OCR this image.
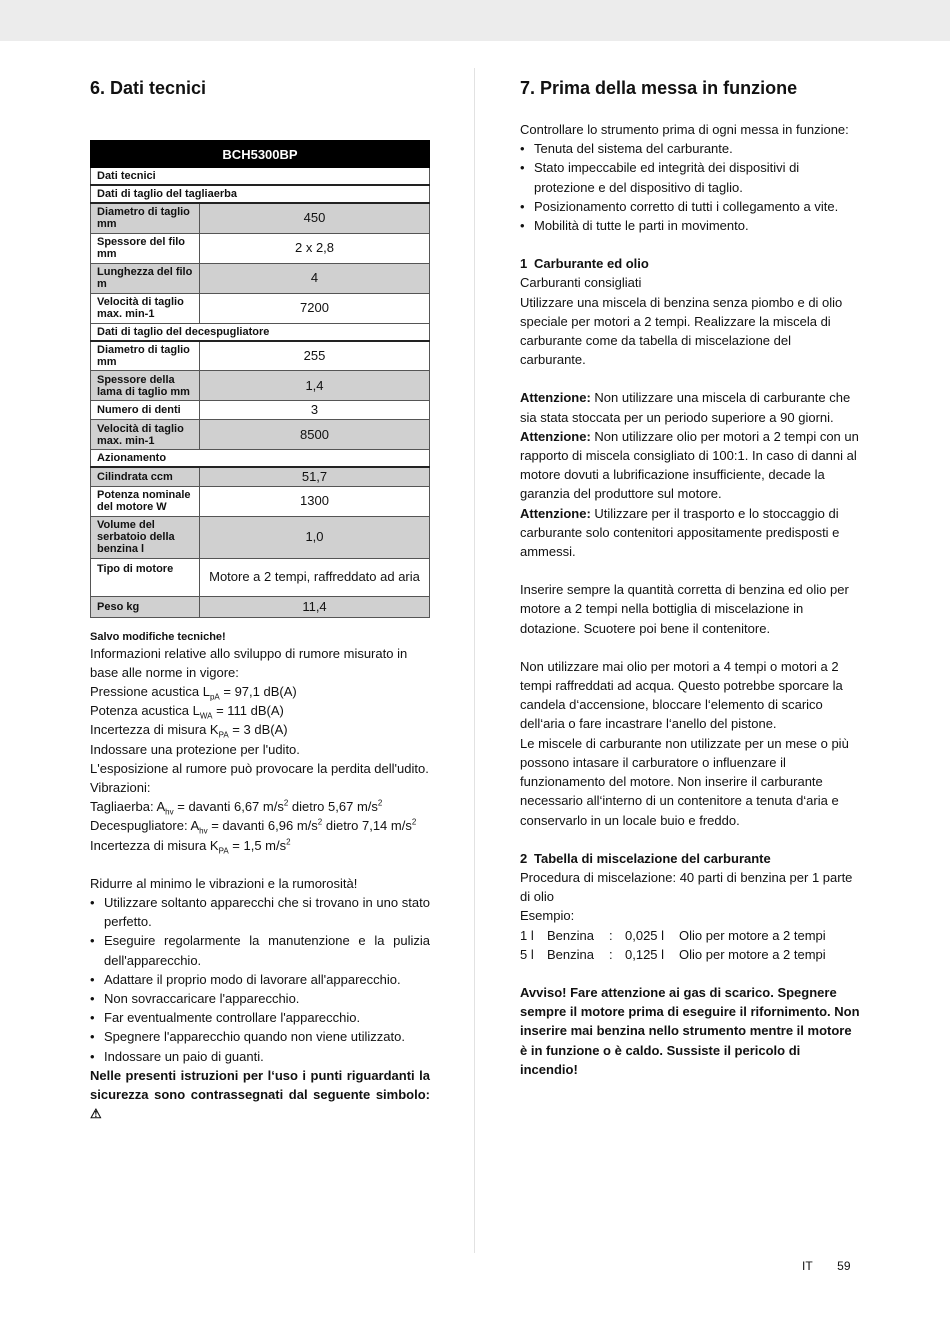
6. Dati tecnici
BCH5300BP	
Dati tecnici	
Dati di taglio del tagliaerba	
Diametro di taglio mm	450
Spessore del filo mm	2 x 2,8
Lunghezza del filo m	4
Velocità di taglio max. min-1	7200
Dati di taglio del decespugliatore	
Diametro di taglio mm	255
Spessore della lama di taglio mm	1,4
Numero di denti	3
Velocità di taglio max. min-1	8500
Azionamento	
Cilindrata ccm	51,7
Potenza nominale del motore W	1300
Volume del serbatoio della benzina l	1,0
Tipo di motore	Motore a 2 tempi, raffreddato ad aria
Peso kg	11,4

Salvo modifiche tecniche!

Informazioni relative allo sviluppo di rumore misurato in base alle norme in vigore:

Pressione acustica $L_{pA} = 97,1$ dB(A)

Potenza acustica $L_{WA} = 111$ dB(A)

Incertezza di misura $K_{PA} = 3$ dB(A)

Indossare una protezione per l'udito.

L'esposizione al rumore può provocare la perdita dell'udito.

Vibrazioni:

Tagliaerba: $A_{hv}$ = davanti 6,67 $m/s^2$ dietro 5,67 $m/s^2$

Decespugliatore: $A_{hv}$ = davanti 6,96 $m/s^2$ dietro 7,14 $m/s^2$

Incertezza di misura $K_{PA} = 1,5$ $m/s^2$

Ridurre al minimo le vibrazioni e la rumorosità!

• Utilizzare soltanto apparecchi che si trovano in uno stato perfetto.
• Eseguire regolarmente la manutenzione e la pulizia dell'apparecchio.
• Adattare il proprio modo di lavorare all'apparecchio.
• Non sovraccaricare l'apparecchio.
• Far eventualmente controllare l'apparecchio.
• Spegnere l'apparecchio quando non viene utilizzato.
• Indossare un paio di guanti.

Nelle presenti istruzioni per l‘uso i punti riguardanti la sicurezza sono contrassegnati dal seguente simbolo: ⚠

7. Prima della messa in funzione

Controllare lo strumento prima di ogni messa in funzione:

• Tenuta del sistema del carburante.
• Stato impeccabile ed integrità dei dispositivi di protezione e del dispositivo di taglio.
• Posizionamento corretto di tutti i collegamento a vite.
• Mobilità di tutte le parti in movimento.

1 Carburante ed olio

Carburanti consigliati

Utilizzare una miscela di benzina senza piombo e di olio speciale per motori a 2 tempi. Realizzare la miscela di carburante come da tabella di miscelazione del carburante.

Attenzione: Non utilizzare una miscela di carburante che sia stata stoccata per un periodo superiore a 90 giorni.

Attenzione: Non utilizzare olio per motori a 2 tempi con un rapporto di miscela consigliato di 100:1. In caso di danni al motore dovuti a lubrificazione insufficiente, decade la garanzia del produttore sul motore.

Attenzione: Utilizzare per il trasporto e lo stoccaggio di carburante solo contenitori appositamente predisposti e ammessi.

Inserire sempre la quantità corretta di benzina ed olio per motore a 2 tempi nella bottiglia di miscelazione in dotazione. Scuotere poi bene il contenitore.

Non utilizzare mai olio per motori a 4 tempi o motori a 2 tempi raffreddati ad acqua. Questo potrebbe sporcare la candela d‘accensione, bloccare l‘elemento di scarico dell‘aria o fare incastrare l‘anello del pistone.

Le miscele di carburante non utilizzate per un mese o più possono intasare il carburatore o influenzare il funzionamento del motore. Non inserire il carburante necessario all‘interno di un contenitore a tenuta d‘aria e conservarlo in un locale buio e freddo.

2 Tabella di miscelazione del carburante

Procedura di miscelazione: 40 parti di benzina per 1 parte di olio

Esempio:

1 l	Benzina	:	0,025 l	Olio per motore a 2 tempi
5 l	Benzina	:	0,125 l	Olio per motore a 2 tempi

Avviso! Fare attenzione ai gas di scarico. Spegnere sempre il motore prima di eseguire il rifornimento. Non inserire mai benzina nello strumento mentre il motore è in funzione o è caldo. Sussiste il pericolo di incendio!

IT 59
